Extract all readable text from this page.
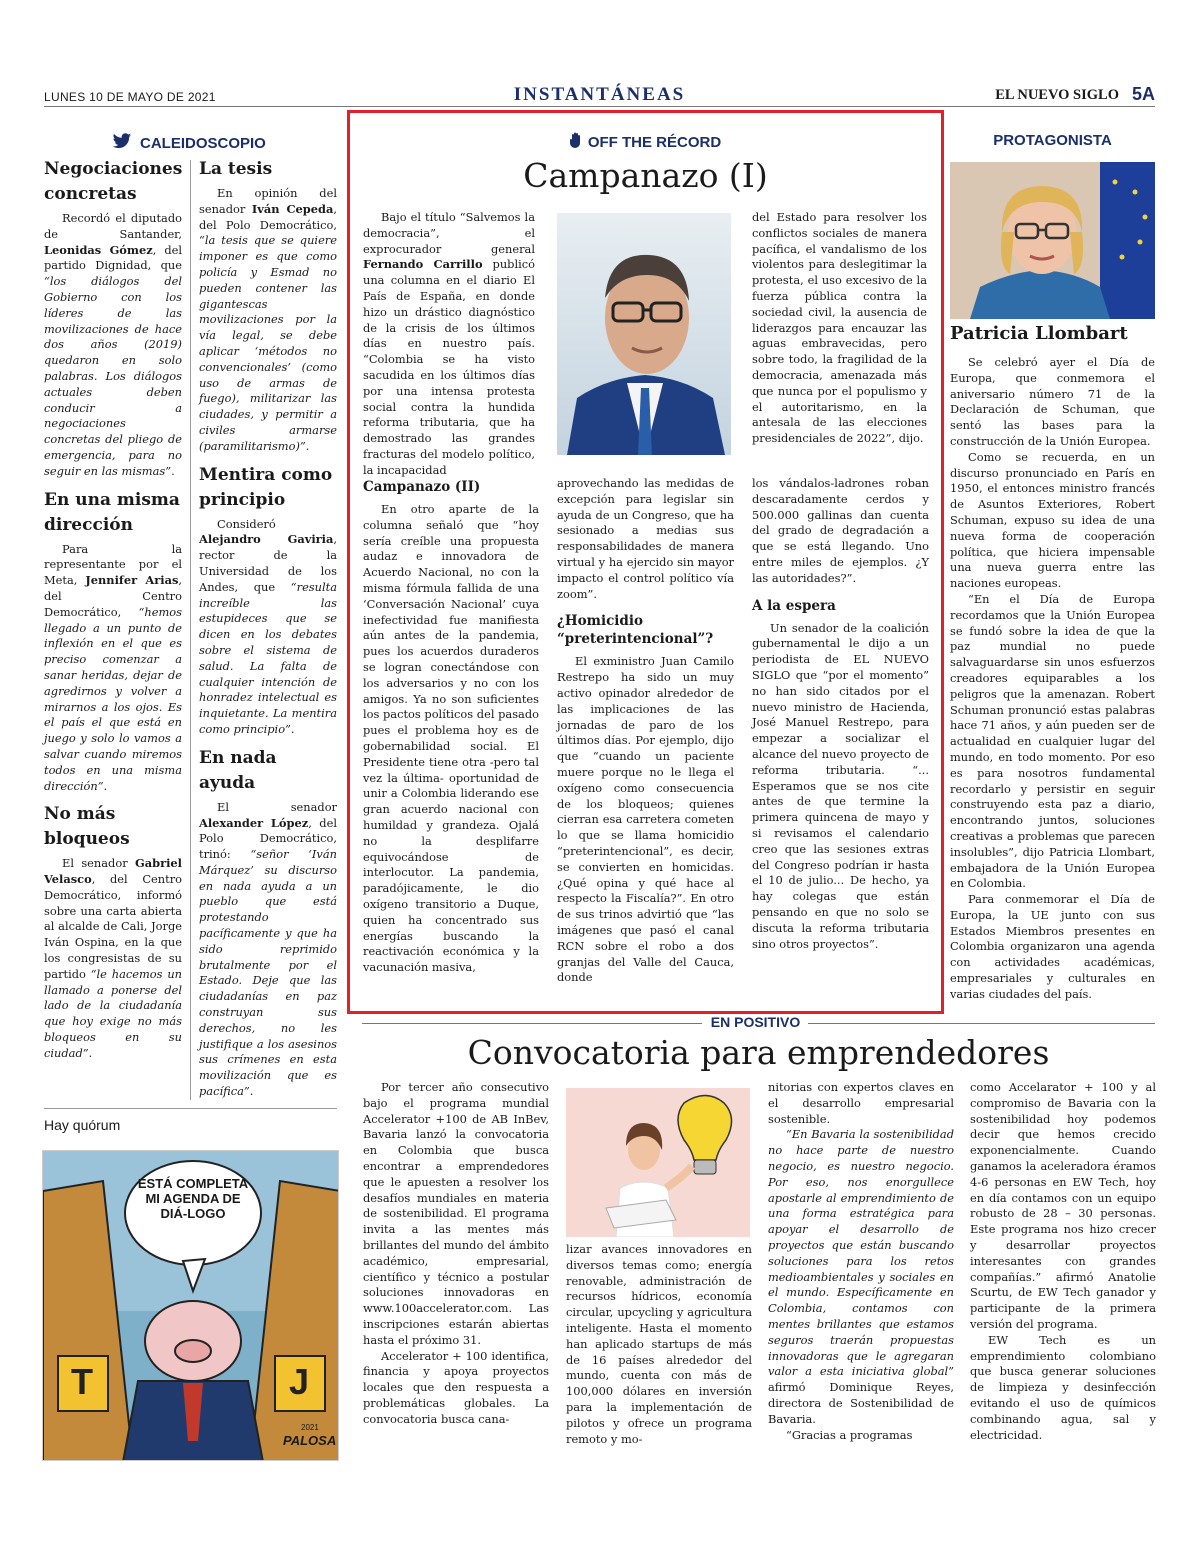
LUNES 10 DE MAYO DE 2021	INSTANTÁNEAS	EL NUEVO SIGLO 5A
CALEIDOSCOPIO
Negociaciones concretas
Recordó el diputado de Santander, Leonidas Gómez, del partido Dignidad, que “los diálogos del Gobierno con los líderes de las movilizaciones de hace dos años (2019) quedaron en solo palabras. Los diálogos actuales deben conducir a negociaciones concretas del pliego de emergencia, para no seguir en las mismas”.
En una misma dirección
Para la representante por el Meta, Jennifer Arias, del Centro Democrático, “hemos llegado a un punto de inflexión en el que es preciso comenzar a sanar heridas, dejar de agredirnos y volver a mirarnos a los ojos. Es el país el que está en juego y solo lo vamos a salvar cuando miremos todos en una misma dirección”.
No más bloqueos
El senador Gabriel Velasco, del Centro Democrático, informó sobre una carta abierta al alcalde de Cali, Jorge Iván Ospina, en la que los congresistas de su partido “le hacemos un llamado a ponerse del lado de la ciudadanía que hoy exige no más bloqueos en su ciudad”.
La tesis
En opinión del senador Iván Cepeda, del Polo Democrático, “la tesis que se quiere imponer es que como policía y Esmad no pueden contener las gigantescas movilizaciones por la vía legal, se debe aplicar ‘métodos no convencionales’ (como uso de armas de fuego), militarizar las ciudades, y permitir a civiles armarse (paramilitarismo)”.
Mentira como principio
Consideró Alejandro Gaviria, rector de la Universidad de los Andes, que “resulta increíble las estupideces que se dicen en los debates sobre el sistema de salud. La falta de cualquier intención de honradez intelectual es inquietante. La mentira como principio”.
En nada ayuda
El senador Alexander López, del Polo Democrático, trinó: “señor ‘Iván Márquez’ su discurso en nada ayuda a un pueblo que está protestando pacíficamente y que ha sido reprimido brutalmente por el Estado. Deje que las ciudadanías en paz construyan sus derechos, no les justifique a los asesinos sus crímenes en esta movilización que es pacífica”.
Hay quórum
ESTÁ COMPLETA MI AGENDA DE DIÁ-LOGO
T	J
2021
PALOSA
OFF THE RÉCORD
Campanazo (I)
Bajo el título “Salvemos la democracia”, el exprocurador general Fernando Carrillo publicó una columna en el diario El País de España, en donde hizo un drástico diagnóstico de la crisis de los últimos días en nuestro país. “Colombia se ha visto sacudida en los últimos días por una intensa protesta social contra la hundida reforma tributaria, que ha demostrado las grandes fracturas del modelo político, la incapacidad
del Estado para resolver los conflictos sociales de manera pacífica, el vandalismo de los violentos para deslegitimar la protesta, el uso excesivo de la fuerza pública contra la sociedad civil, la ausencia de liderazgos para encauzar las aguas embravecidas, pero sobre todo, la fragilidad de la democracia, amenazada más que nunca por el populismo y el autoritarismo, en la antesala de las elecciones presidenciales de 2022”, dijo.
Campanazo (II)
En otro aparte de la columna señaló que “hoy sería creíble una propuesta audaz e innovadora de Acuerdo Nacional, no con la misma fórmula fallida de una ‘Conversación Nacional’ cuya inefectividad fue manifiesta aún antes de la pandemia, pues los acuerdos duraderos se logran conectándose con los adversarios y no con los amigos. Ya no son suficientes los pactos políticos del pasado pues el problema hoy es de gobernabilidad social. El Presidente tiene otra -pero tal vez la última- oportunidad de unir a Colombia liderando ese gran acuerdo nacional con humildad y grandeza. Ojalá no la desplifarre equivocándose de interlocutor. La pandemia, paradójicamente, le dio oxígeno transitorio a Duque, quien ha concentrado sus energías buscando la reactivación económica y la vacunación masiva,
aprovechando las medidas de excepción para legislar sin ayuda de un Congreso, que ha sesionado a medias sus responsabilidades de manera virtual y ha ejercido sin mayor impacto el control político vía zoom”.
¿Homicidio “preterintencional”?
El exministro Juan Camilo Restrepo ha sido un muy activo opinador alrededor de las implicaciones de las jornadas de paro de los últimos días. Por ejemplo, dijo que “cuando un paciente muere porque no le llega el oxígeno como consecuencia de los bloqueos; quienes cierran esa carretera cometen lo que se llama homicidio “preterintencional”, es decir, se convierten en homicidas. ¿Qué opina y qué hace al respecto la Fiscalía?”. En otro de sus trinos advirtió que “las imágenes que pasó el canal RCN sobre el robo a dos granjas del Valle del Cauca, donde
los vándalos-ladrones roban descaradamente cerdos y 500.000 gallinas dan cuenta del grado de degradación a que se está llegando. Uno entre miles de ejemplos. ¿Y las autoridades?”.
A la espera
Un senador de la coalición gubernamental le dijo a un periodista de EL NUEVO SIGLO que “por el momento” no han sido citados por el nuevo ministro de Hacienda, José Manuel Restrepo, para empezar a socializar el alcance del nuevo proyecto de reforma tributaria. “... Esperamos que se nos cite antes de que termine la primera quincena de mayo y si revisamos el calendario creo que las sesiones extras del Congreso podrían ir hasta el 10 de julio... De hecho, ya hay colegas que están pensando en que no solo se discuta la reforma tributaria sino otros proyectos”.
PROTAGONISTA
Patricia Llombart

Se celebró ayer el Día de Europa, que conmemora el aniversario número 71 de la Declaración de Schuman, que sentó las bases para la construcción de la Unión Europea.

Como se recuerda, en un discurso pronunciado en París en 1950, el entonces ministro francés de Asuntos Exteriores, Robert Schuman, expuso su idea de una nueva forma de cooperación política, que hiciera impensable una nueva guerra entre las naciones europeas.

“En el Día de Europa recordamos que la Unión Europea se fundó sobre la idea de que la paz mundial no puede salvaguardarse sin unos esfuerzos creadores equiparables a los peligros que la amenazan. Robert Schuman pronunció estas palabras hace 71 años, y aún pueden ser de actualidad en cualquier lugar del mundo, en todo momento. Por eso es para nosotros fundamental recordarlo y persistir en seguir construyendo esta paz a diario, encontrando juntos, soluciones creativas a problemas que parecen insolubles”, dijo Patricia Llombart, embajadora de la Unión Europea en Colombia.

Para conmemorar el Día de Europa, la UE junto con sus Estados Miembros presentes en Colombia organizaron una agenda con actividades académicas, empresariales y culturales en varias ciudades del país.

EN POSITIVO
Convocatoria para emprendedores

Por tercer año consecutivo bajo el programa mundial Accelerator +100 de AB InBev, Bavaria lanzó la convocatoria en Colombia que busca encontrar a emprendedores que le apuesten a resolver los desafíos mundiales en materia de sostenibilidad. El programa invita a las mentes más brillantes del mundo del ámbito académico, empresarial, científico y técnico a postular soluciones innovadoras en www.100accelerator.com. Las inscripciones estarán abiertas hasta el próximo 31.

Accelerator + 100 identifica, financia y apoya proyectos locales que den respuesta a problemáticas globales. La convocatoria busca cana-

lizar avances innovadores en diversos temas como; energía renovable, administración de recursos hídricos, economía circular, upcycling y agricultura inteligente. Hasta el momento han aplicado startups de más de 16 países alrededor del mundo, cuenta con más de 100,000 dólares en inversión para la implementación de pilotos y ofrece un programa remoto y mo-
nitorias con expertos claves en el desarrollo empresarial sostenible.
“En Bavaria la sostenibilidad no hace parte de nuestro negocio, es nuestro negocio. Por eso, nos enorgullece apostarle al emprendimiento de una forma estratégica para apoyar el desarrollo de proyectos que están buscando soluciones para los retos medioambientales y sociales en el mundo. Específicamente en Colombia, contamos con mentes brillantes que estamos seguros traerán propuestas innovadoras que le agregaran valor a esta iniciativa global” afirmó Dominique Reyes, directora de Sostenibilidad de Bavaria.
“Gracias a programas
como Accelarator + 100 y al compromiso de Bavaria con la sostenibilidad hoy podemos decir que hemos crecido exponencialmente. Cuando ganamos la aceleradora éramos 4-6 personas en EW Tech, hoy en día contamos con un equipo robusto de 28 – 30 personas. Este programa nos hizo crecer y desarrollar proyectos interesantes con grandes compañías.” afirmó Anatolie Scurtu, de EW Tech ganador y participante de la primera versión del programa.

EW Tech es un emprendimiento colombiano que busca generar soluciones de limpieza y desinfección evitando el uso de químicos combinando agua, sal y electricidad.
